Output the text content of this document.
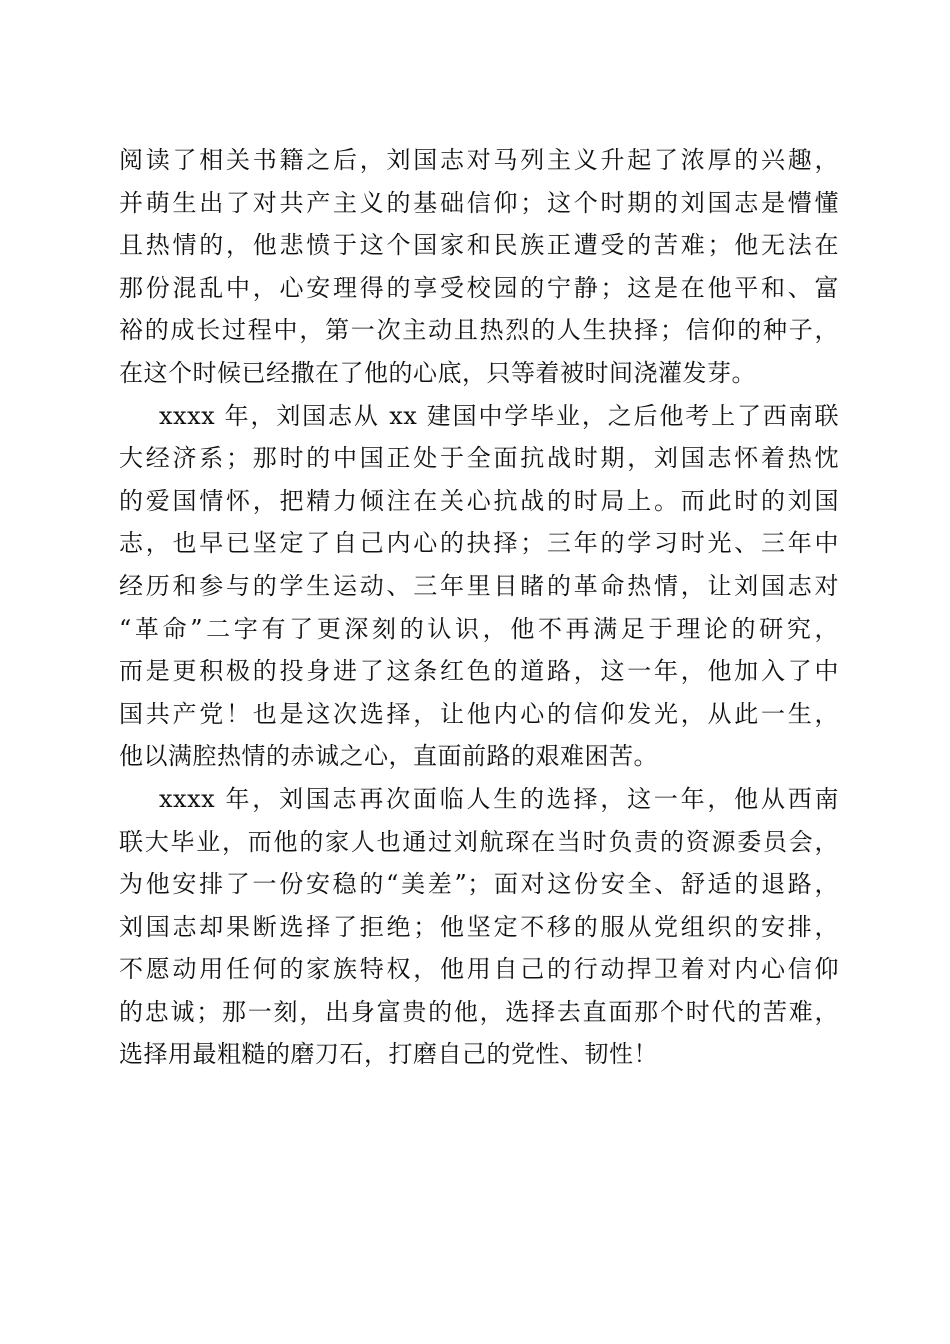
阅读了相关书籍之后，刘国志对马列主义升起了浓厚的兴趣，
并萌生出了对共产主义的基础信仰；这个时期的刘国志是懵懂
且热情的，他悲愤于这个国家和民族正遭受的苦难；他无法在
那份混乱中，心安理得的享受校园的宁静；这是在他平和、富
裕的成长过程中，第一次主动且热烈的人生抉择；信仰的种子，
在这个时候已经撒在了他的心底，只等着被时间浇灌发芽。
xxxx 年，刘国志从 xx 建国中学毕业，之后他考上了西南联
大经济系；那时的中国正处于全面抗战时期，刘国志怀着热忱
的爱国情怀，把精力倾注在关心抗战的时局上。而此时的刘国
志，也早已坚定了自己内心的抉择；三年的学习时光、三年中
经历和参与的学生运动、三年里目睹的革命热情，让刘国志对
“革命”二字有了更深刻的认识，他不再满足于理论的研究，
而是更积极的投身进了这条红色的道路，这一年，他加入了中
国共产党！也是这次选择，让他内心的信仰发光，从此一生，
他以满腔热情的赤诚之心，直面前路的艰难困苦。
xxxx 年，刘国志再次面临人生的选择，这一年，他从西南
联大毕业，而他的家人也通过刘航琛在当时负责的资源委员会，
为他安排了一份安稳的“美差”；面对这份安全、舒适的退路，
刘国志却果断选择了拒绝；他坚定不移的服从党组织的安排，
不愿动用任何的家族特权，他用自己的行动捍卫着对内心信仰
的忠诚；那一刻，出身富贵的他，选择去直面那个时代的苦难，
选择用最粗糙的磨刀石，打磨自己的党性、韧性！
